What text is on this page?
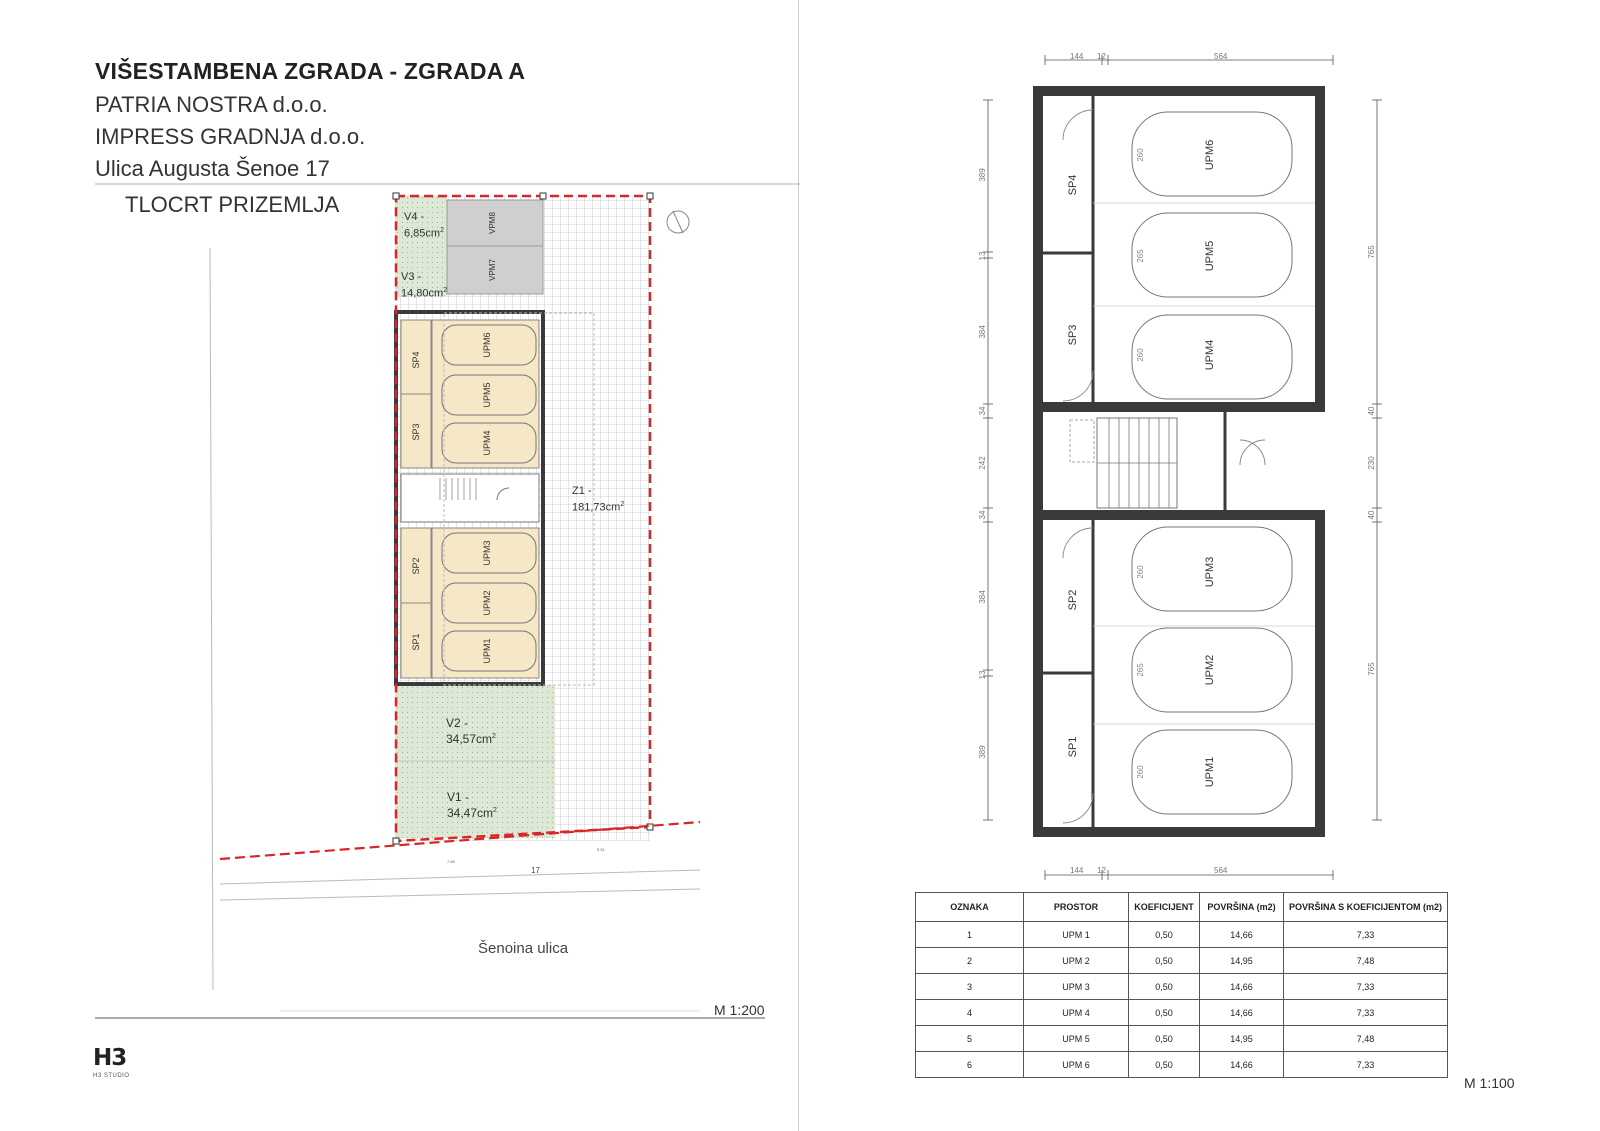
VIŠESTAMBENA ZGRADA - ZGRADA A
PATRIA NOSTRA d.o.o.
IMPRESS GRADNJA d.o.o.
Ulica Augusta Šenoe 17
TLOCRT PRIZEMLJA
VPM8
VPM7
UPM6
UPM5
UPM4
UPM3
UPM2
UPM1
SP4
SP3
SP2
SP1
7.66
5.51
V4 -
$6,85cm^2$
V3 -
$14,80cm^2$
Z1 -
$181,73cm^2$
V2 -
$34,57cm^2$
V1 -
$34,47cm^2$
17
Šenoina ulica
M 1:200
H3
H3 STUDIO
144 12	564
144 12	564
389
13
384
34
242
34
384
13
389
765
40
230
40
765
UPM6
UPM5
UPM4
UPM3
UPM2
UPM1
260
265
260
260
265
260
SP4
SP3
SP2
SP1
M 1:100
OZNAKA	PROSTOR	KOEFICIJENT	POVRŠINA (m2)	POVRŠINA S KOEFICIJENTOM (m2)
1	UPM 1	0,50	14,66	7,33
2	UPM 2	0,50	14,95	7,48
3	UPM 3	0,50	14,66	7,33
4	UPM 4	0,50	14,66	7,33
5	UPM 5	0,50	14,95	7,48
6	UPM 6	0,50	14,66	7,33
